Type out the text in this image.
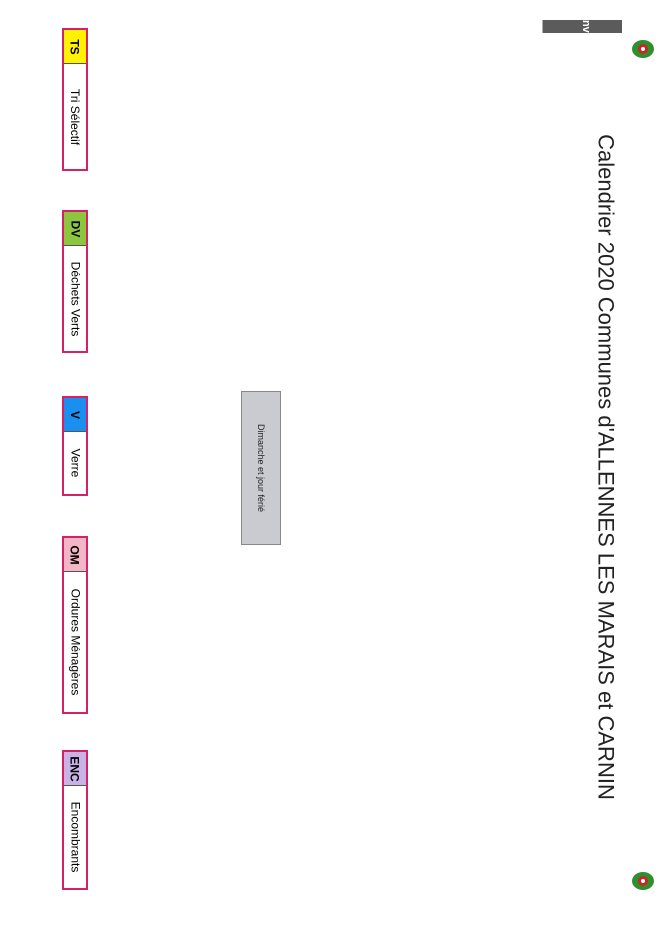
Calendrier 2020 Communes d'ALLENNES LES MARAIS et CARNIN
Janvier
TS
Tri Sélectif
DV
Déchets Verts
V
Verre
OM
Ordures Ménagères
ENC
Encombrants
Dimanche et jour férié
